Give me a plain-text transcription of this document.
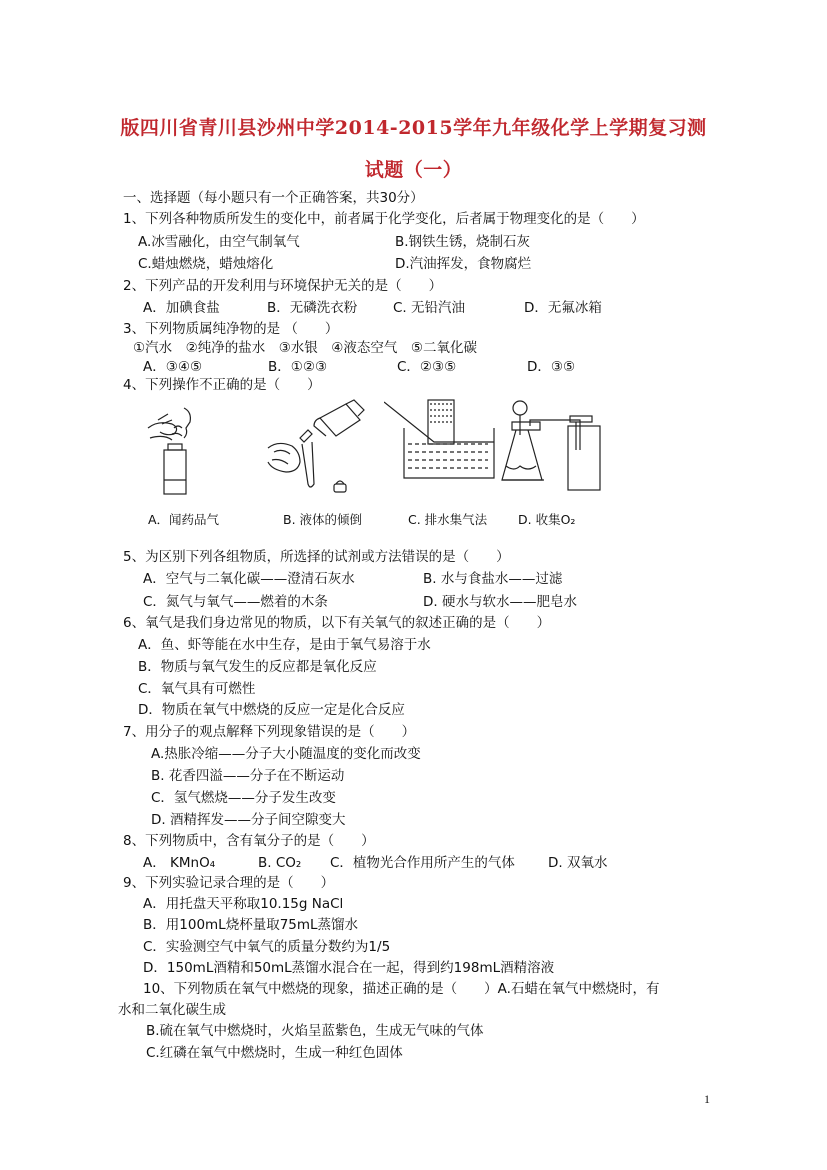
版四川省青川县沙州中学2014-2015学年九年级化学上学期复习测
试题（一）
一、选择题（每小题只有一个正确答案，共30分）
1、下列各种物质所发生的变化中，前者属于化学变化，后者属于物理变化的是（　　）
A.冰雪融化，由空气制氧气	B.钢铁生锈，烧制石灰
C.蜡烛燃烧，蜡烛熔化	D.汽油挥发，食物腐烂
2、下列产品的开发利用与环境保护无关的是（　　）
A．加碘食盐	B．无磷洗衣粉	C. 无铅汽油	D．无氟冰箱
3、下列物质属纯净物的是 （　　）
①汽水　②纯净的盐水　③水银　④液态空气　⑤二氧化碳
A．③④⑤	B．①②③	C．②③⑤	D．③⑤
4、下列操作不正确的是（　　）
A．闻药品气	B. 液体的倾倒	C. 排水集气法 D. 收集O₂
5、为区别下列各组物质，所选择的试剂或方法错误的是（　　）
A．空气与二氧化碳——澄清石灰水	B. 水与食盐水——过滤
C．氮气与氧气——燃着的木条	D. 硬水与软水——肥皂水
6、氧气是我们身边常见的物质，以下有关氧气的叙述正确的是（　　）
A．鱼、虾等能在水中生存，是由于氧气易溶于水
B．物质与氧气发生的反应都是氧化反应
C．氧气具有可燃性
D．物质在氧气中燃烧的反应一定是化合反应
7、用分子的观点解释下列现象错误的是（　　）
A.热胀冷缩——分子大小随温度的变化而改变
B. 花香四溢——分子在不断运动
C．氢气燃烧——分子发生改变
D. 酒精挥发——分子间空隙变大
8、下列物质中，含有氧分子的是（　　）
A． KMnO₄	B. CO₂ C．植物光合作用所产生的气体 D. 双氧水
9、下列实验记录合理的是（　　）
A．用托盘天平称取10.15g NaCl
B．用100mL烧杯量取75mL蒸馏水
C．实验测空气中氧气的质量分数约为1/5
D．150mL酒精和50mL蒸馏水混合在一起，得到约198mL酒精溶液
10、下列物质在氧气中燃烧的现象，描述正确的是（　　）A.石蜡在氧气中燃烧时，有
水和二氧化碳生成
B.硫在氧气中燃烧时，火焰呈蓝紫色，生成无气味的气体
C.红磷在氧气中燃烧时，生成一种红色固体
1
